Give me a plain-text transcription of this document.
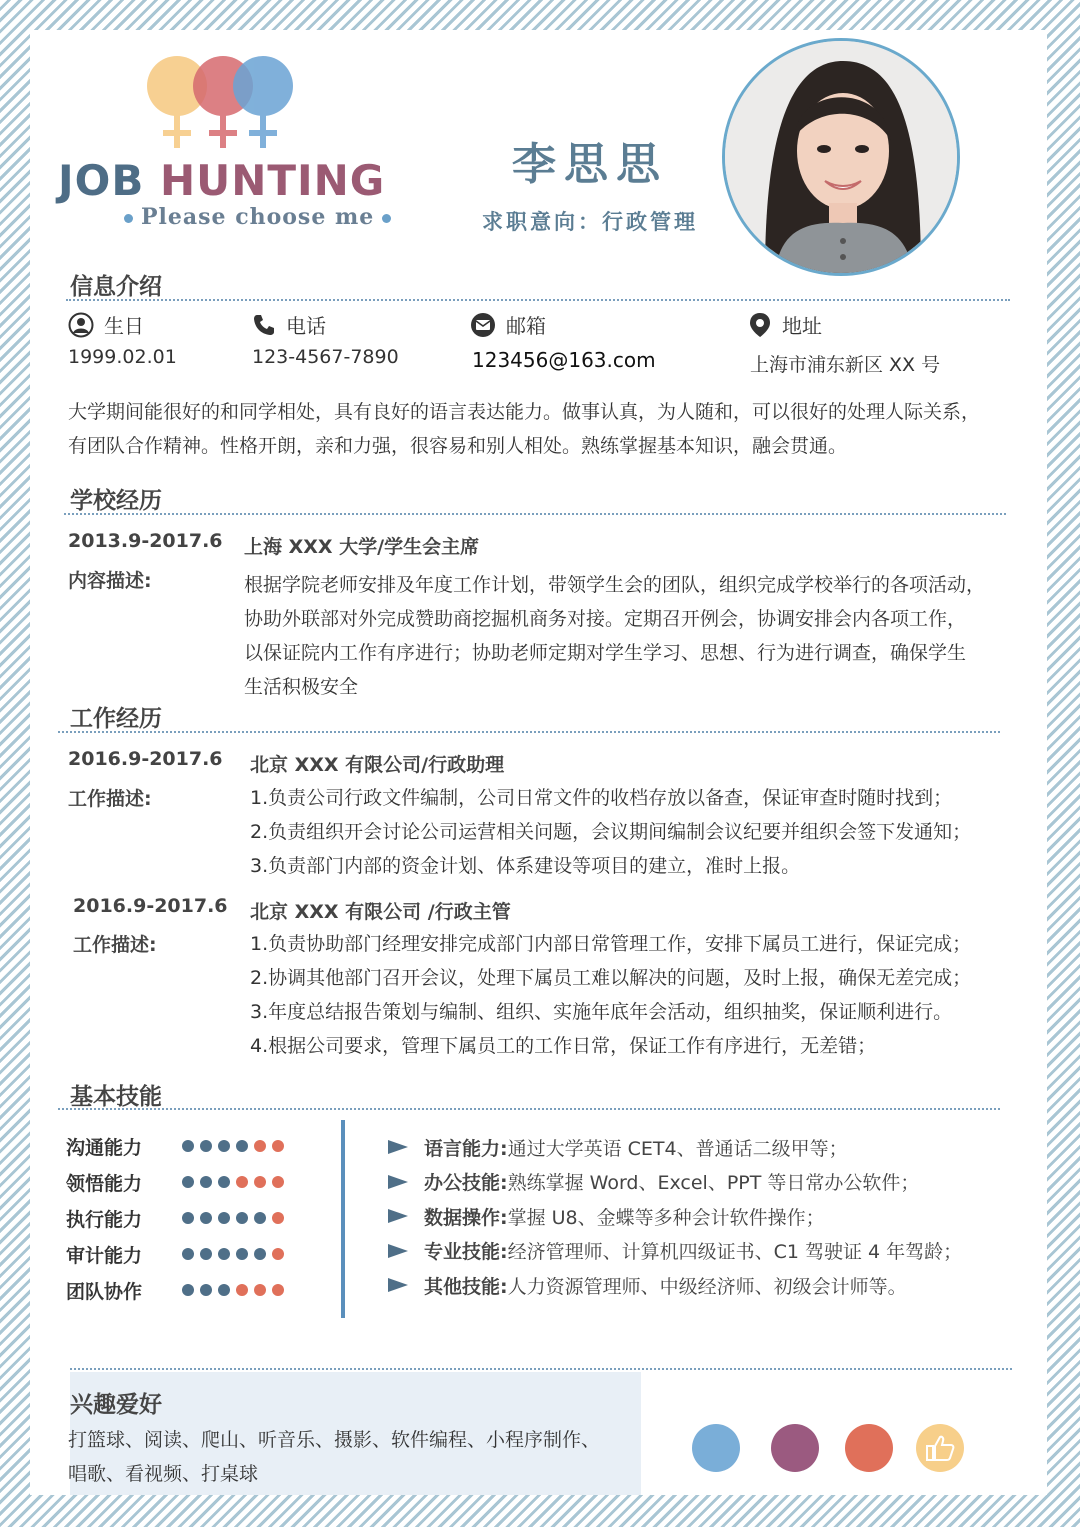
JOB HUNTING
Please choose me
李思思
求职意向：行政管理
信息介绍
生日
1999.02.01
电话
123-4567-7890
邮箱
123456@163.com
地址
上海市浦东新区 XX 号
大学期间能很好的和同学相处，具有良好的语言表达能力。做事认真，为人随和，可以很好的处理人际关系，
有团队合作精神。性格开朗，亲和力强，很容易和别人相处。熟练掌握基本知识，融会贯通。
学校经历
2013.9-2017.6
内容描述:
上海 XXX 大学/学生会主席
根据学院老师安排及年度工作计划，带领学生会的团队，组织完成学校举行的各项活动，
协助外联部对外完成赞助商挖掘机商务对接。定期召开例会，协调安排会内各项工作，
以保证院内工作有序进行；协助老师定期对学生学习、思想、行为进行调查，确保学生
生活积极安全
工作经历
2016.9-2017.6
工作描述:
北京 XXX 有限公司/行政助理
1.负责公司行政文件编制，公司日常文件的收档存放以备查，保证审查时随时找到；
2.负责组织开会讨论公司运营相关问题，会议期间编制会议纪要并组织会签下发通知；
3.负责部门内部的资金计划、体系建设等项目的建立，准时上报。
2016.9-2017.6
工作描述:
北京 XXX 有限公司 /行政主管
1.负责协助部门经理安排完成部门内部日常管理工作，安排下属员工进行，保证完成；
2.协调其他部门召开会议，处理下属员工难以解决的问题，及时上报，确保无差完成；
3.年度总结报告策划与编制、组织、实施年底年会活动，组织抽奖，保证顺利进行。
4.根据公司要求，管理下属员工的工作日常，保证工作有序进行，无差错；
基本技能
沟通能力
领悟能力
执行能力
审计能力
团队协作
语言能力: 通过大学英语 CET4、普通话二级甲等；
办公技能: 熟练掌握 Word、Excel、PPT 等日常办公软件；
数据操作: 掌握 U8、金蝶等多种会计软件操作；
专业技能: 经济管理师、计算机四级证书、C1 驾驶证 4 年驾龄；
其他技能: 人力资源管理师、中级经济师、初级会计师等。
兴趣爱好
打篮球、阅读、爬山、听音乐、摄影、软件编程、小程序制作、
唱歌、看视频、打桌球
